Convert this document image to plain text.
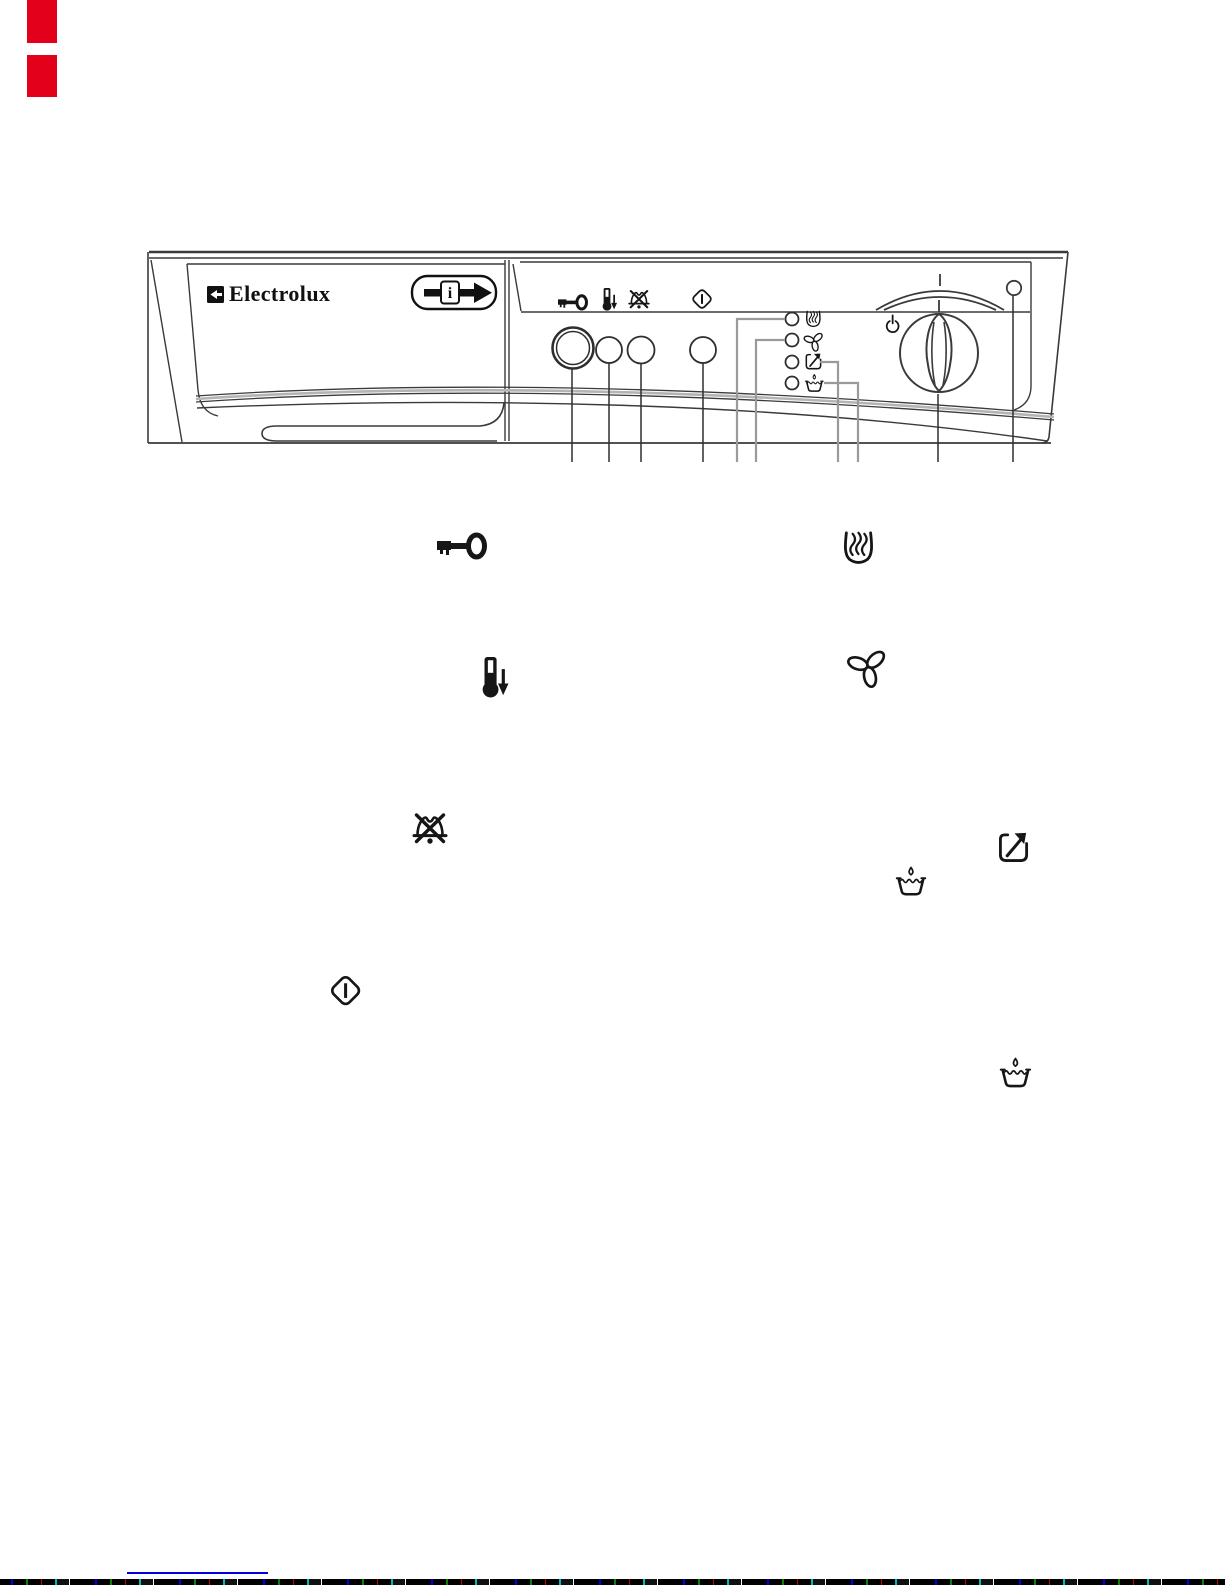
i
Electrolux
